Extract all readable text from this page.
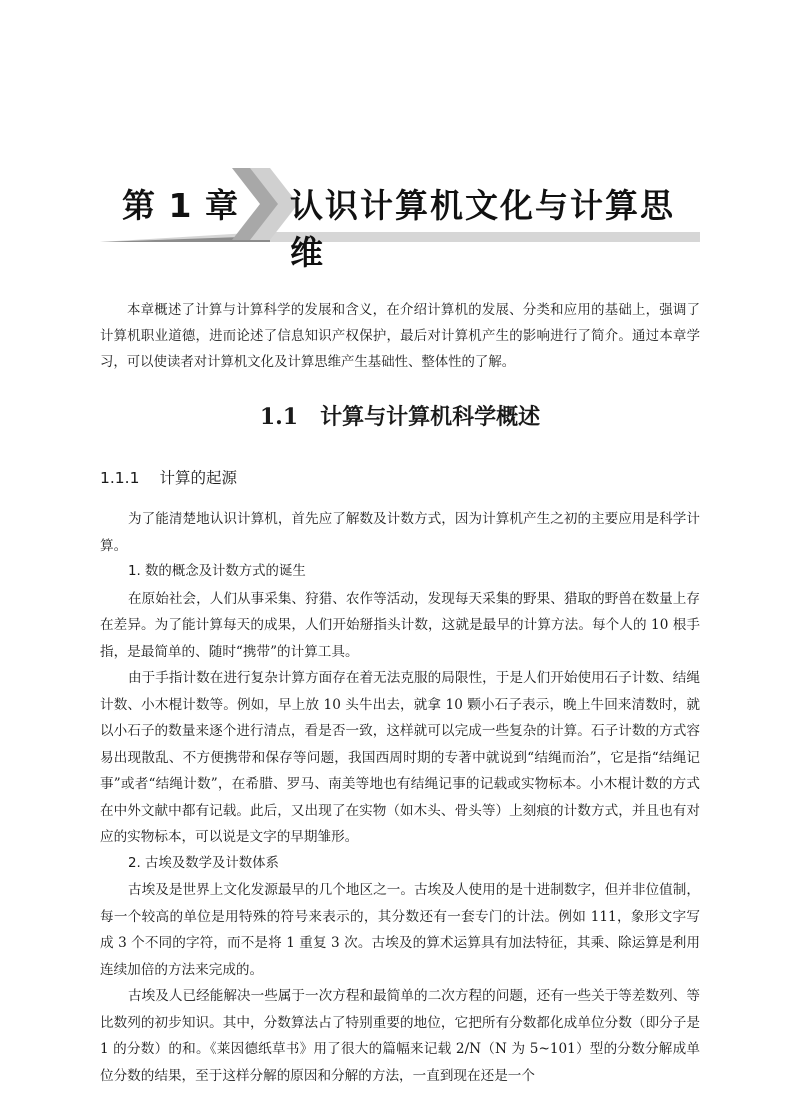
第 1 章 认识计算机文化与计算思维

本章概述了计算与计算科学的发展和含义，在介绍计算机的发展、分类和应用的基础上，强调了计算机职业道德，进而论述了信息知识产权保护，最后对计算机产生的影响进行了简介。通过本章学习，可以使读者对计算机文化及计算思维产生基础性、整体性的了解。

1.1 计算与计算机科学概述
1.1.1 计算的起源

为了能清楚地认识计算机，首先应了解数及计数方式，因为计算机产生之初的主要应用是科学计算。

1. 数的概念及计数方式的诞生

在原始社会，人们从事采集、狩猎、农作等活动，发现每天采集的野果、猎取的野兽在数量上存在差异。为了能计算每天的成果，人们开始掰指头计数，这就是最早的计算方法。每个人的 10 根手指，是最简单的、随时“携带”的计算工具。

由于手指计数在进行复杂计算方面存在着无法克服的局限性，于是人们开始使用石子计数、结绳计数、小木棍计数等。例如，早上放 10 头牛出去，就拿 10 颗小石子表示，晚上牛回来清数时，就以小石子的数量来逐个进行清点，看是否一致，这样就可以完成一些复杂的计算。石子计数的方式容易出现散乱、不方便携带和保存等问题，我国西周时期的专著中就说到“结绳而治”，它是指“结绳记事”或者“结绳计数”，在希腊、罗马、南美等地也有结绳记事的记载或实物标本。小木棍计数的方式在中外文献中都有记载。此后，又出现了在实物（如木头、骨头等）上刻痕的计数方式，并且也有对应的实物标本，可以说是文字的早期雏形。

2. 古埃及数学及计数体系

古埃及是世界上文化发源最早的几个地区之一。古埃及人使用的是十进制数字，但并非位值制，每一个较高的单位是用特殊的符号来表示的，其分数还有一套专门的计法。例如 111，象形文字写成 3 个不同的字符，而不是将 1 重复 3 次。古埃及的算术运算具有加法特征，其乘、除运算是利用连续加倍的方法来完成的。

古埃及人已经能解决一些属于一次方程和最简单的二次方程的问题，还有一些关于等差数列、等比数列的初步知识。其中，分数算法占了特别重要的地位，它把所有分数都化成单位分数（即分子是 1 的分数）的和。《莱因德纸草书》用了很大的篇幅来记载 2/N（N 为 5~101）型的分数分解成单位分数的结果，至于这样分解的原因和分解的方法，一直到现在还是一个
